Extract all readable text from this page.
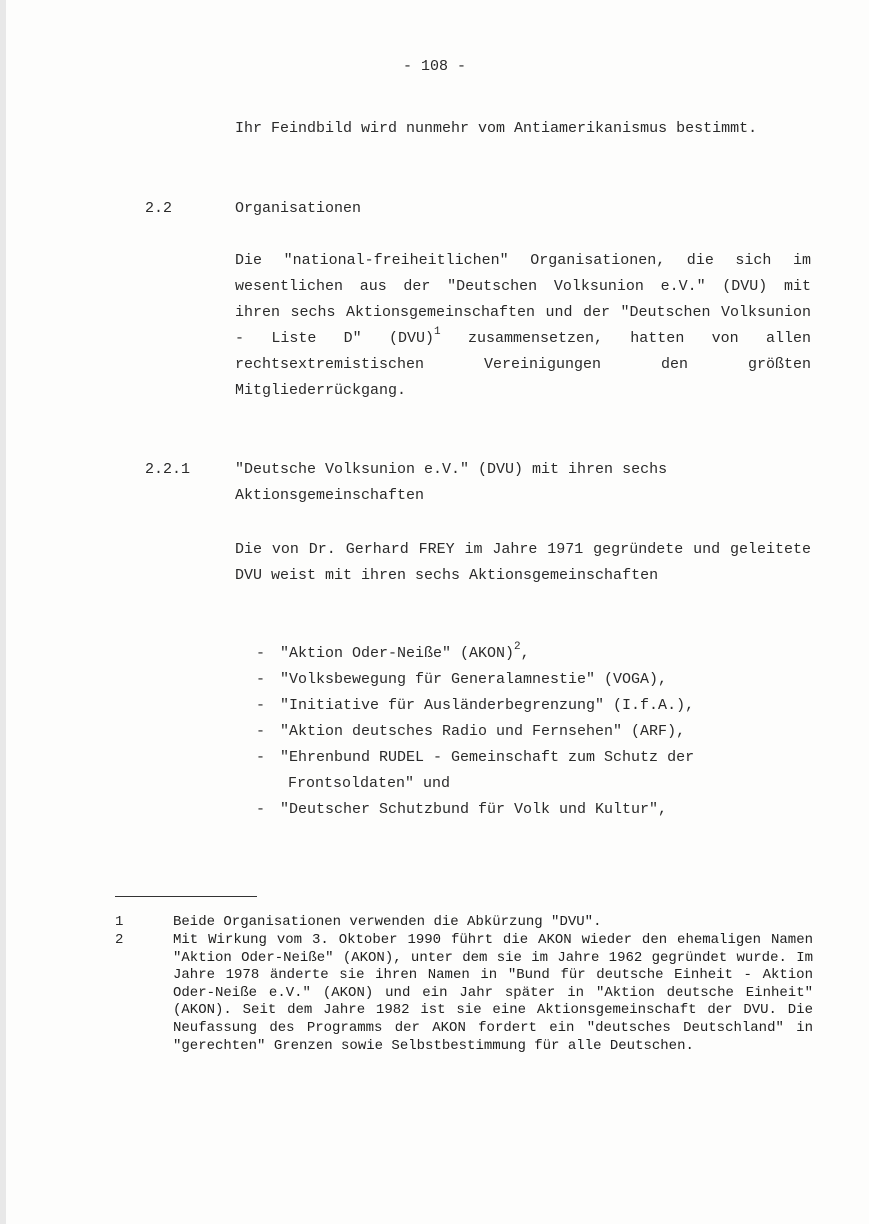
- 108 -
Ihr Feindbild wird nunmehr vom Antiamerikanismus bestimmt.
2.2	Organisationen
Die "national-freiheitlichen" Organisationen, die sich im wesentlichen aus der "Deutschen Volksunion e.V." (DVU) mit ihren sechs Aktionsgemeinschaften und der "Deutschen Volksunion - Liste D" (DVU)$^1$ zusammensetzen, hatten von allen rechtsextremistischen Vereinigungen den größten Mitgliederrückgang.
2.2.1	"Deutsche Volksunion e.V." (DVU) mit ihren sechs Aktionsgemeinschaften
Die von Dr. Gerhard FREY im Jahre 1971 gegründete und geleitete DVU weist mit ihren sechs Aktionsgemeinschaften
- "Aktion Oder-Neiße" (AKON)$^2$,
- "Volksbewegung für Generalamnestie" (VOGA),
- "Initiative für Ausländerbegrenzung" (I.f.A.),
- "Aktion deutsches Radio und Fernsehen" (ARF),
- "Ehrenbund RUDEL - Gemeinschaft zum Schutz der
Frontsoldaten" und
- "Deutscher Schutzbund für Volk und Kultur",
1	Beide Organisationen verwenden die Abkürzung "DVU".
2	Mit Wirkung vom 3. Oktober 1990 führt die AKON wieder den ehemaligen Namen "Aktion Oder-Neiße" (AKON), unter dem sie im Jahre 1962 gegründet wurde. Im Jahre 1978 änderte sie ihren Namen in "Bund für deutsche Einheit - Aktion Oder-Neiße e.V." (AKON) und ein Jahr später in "Aktion deutsche Einheit" (AKON). Seit dem Jahre 1982 ist sie eine Aktionsgemeinschaft der DVU. Die Neufassung des Programms der AKON fordert ein "deutsches Deutschland" in "gerechten" Grenzen sowie Selbstbestimmung für alle Deutschen.
